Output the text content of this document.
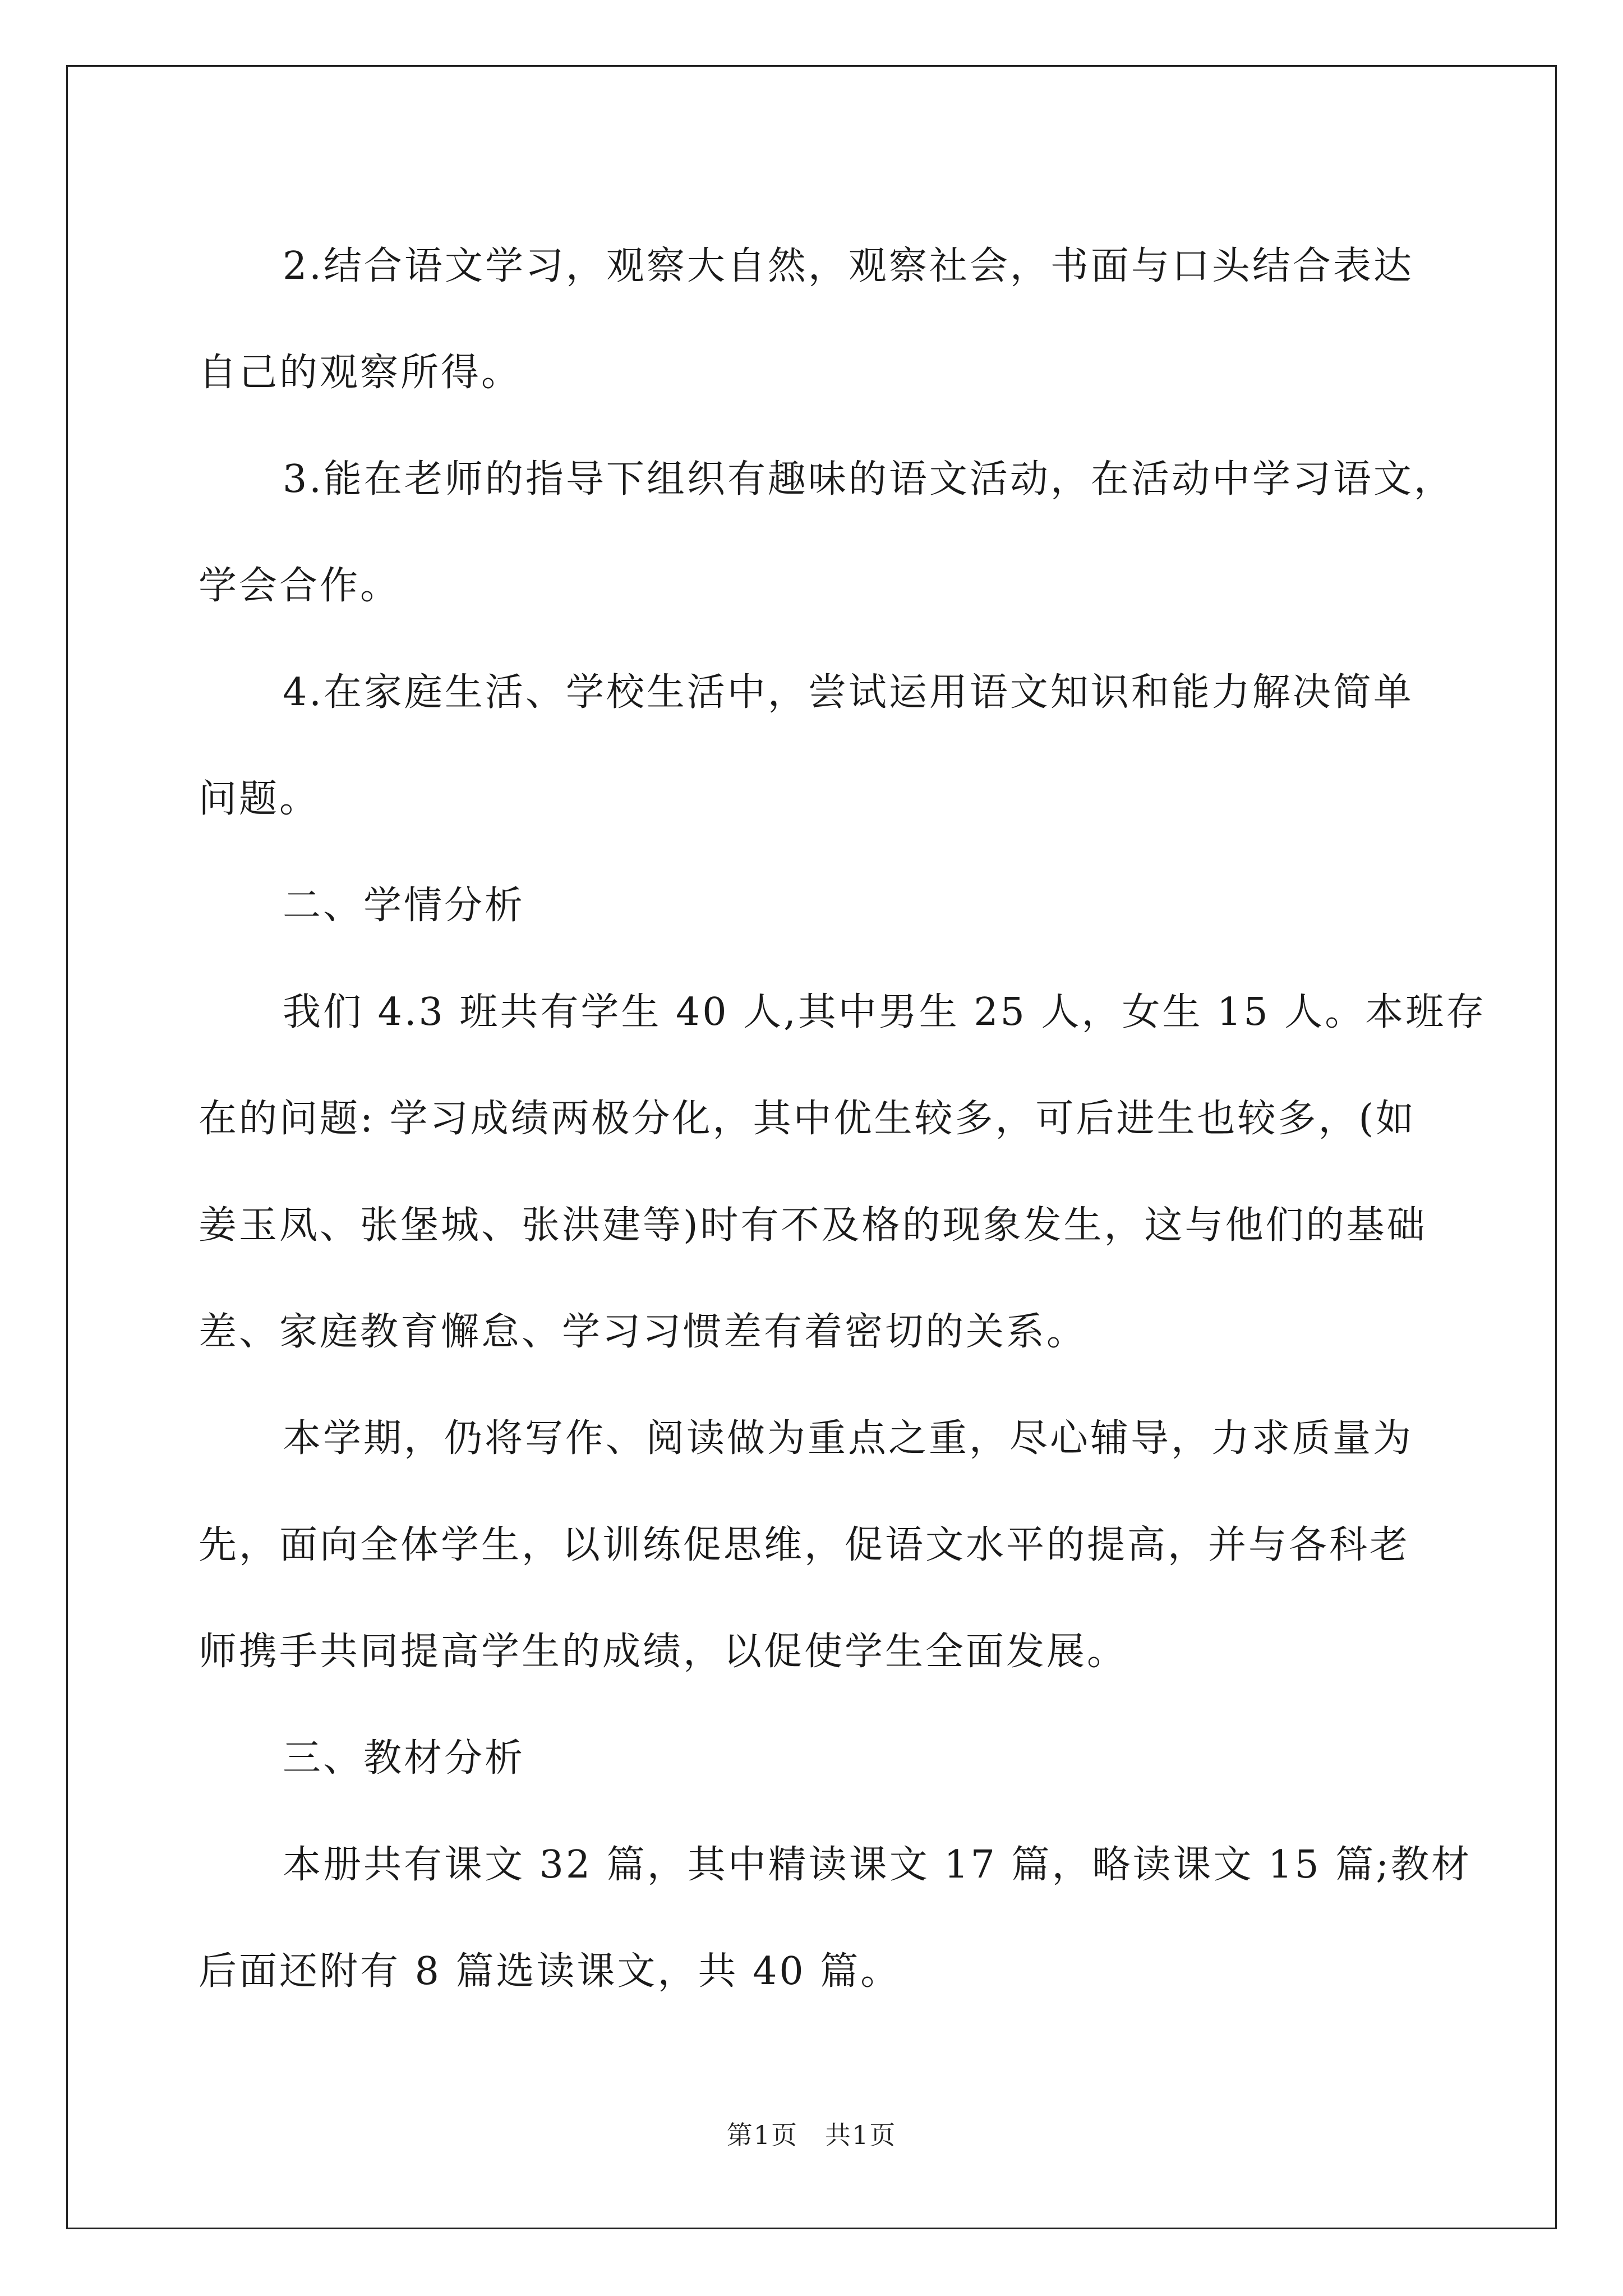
2.结合语文学习，观察大自然，观察社会，书面与口头结合表达

自己的观察所得。

3.能在老师的指导下组织有趣味的语文活动，在活动中学习语文，

学会合作。

4.在家庭生活、学校生活中，尝试运用语文知识和能力解决简单

问题。

二、学情分析

我们 4.3 班共有学生 40 人,其中男生 25 人，女生 15 人。本班存

在的问题: 学习成绩两极分化，其中优生较多，可后进生也较多，(如

姜玉凤、张堡城、张洪建等)时有不及格的现象发生，这与他们的基础

差、家庭教育懈怠、学习习惯差有着密切的关系。

本学期，仍将写作、阅读做为重点之重，尽心辅导，力求质量为

先，面向全体学生，以训练促思维，促语文水平的提高，并与各科老

师携手共同提高学生的成绩，以促使学生全面发展。

三、教材分析

本册共有课文 32 篇，其中精读课文 17 篇，略读课文 15 篇;教材

后面还附有 8 篇选读课文，共 40 篇。

第1页　共1页
